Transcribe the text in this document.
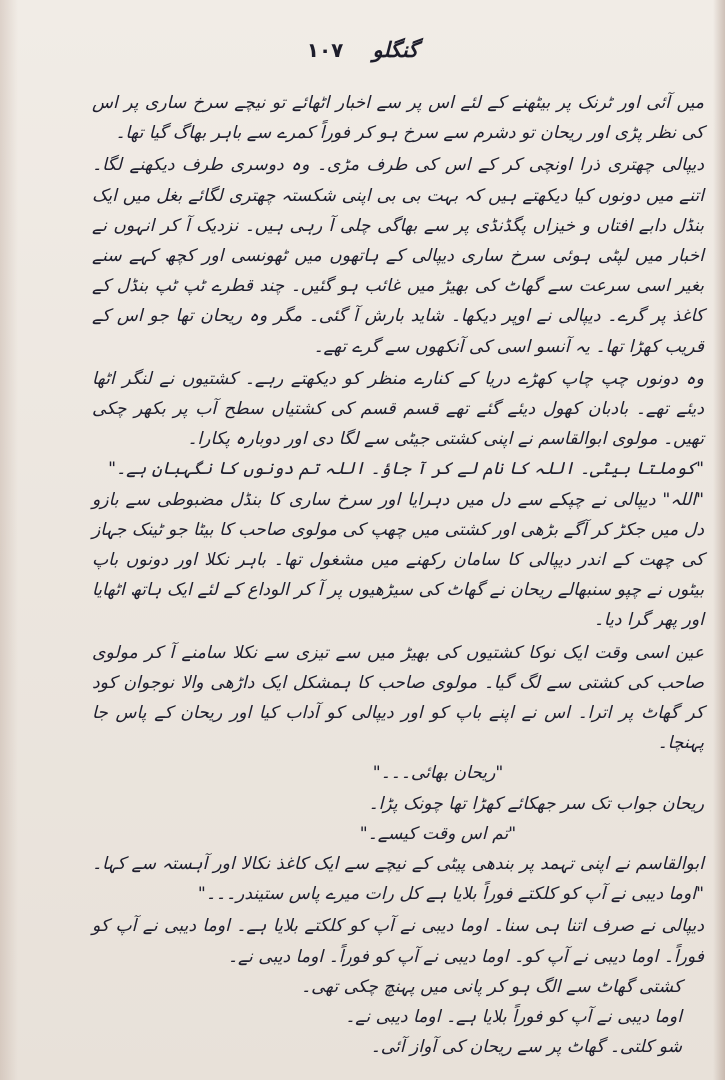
گنگلو ۱۰۷

میں آئی اور ٹرنک پر بیٹھنے کے لئے اس پر سے اخبار اٹھائے تو نیچے سرخ ساری پر اس کی نظر پڑی اور ریحان تو دشرم سے سرخ ہو کر فوراً کمرے سے باہر بھاگ گیا تھا۔

دیپالی چھتری ذرا اونچی کر کے اس کی طرف مڑی۔ وہ دوسری طرف دیکھنے لگا۔ اتنے میں دونوں کیا دیکھتے ہیں کہ بہت بی بی اپنی شکستہ چھتری لگائے بغل میں ایک بنڈل دابے افتاں و خیزاں پگڈنڈی پر سے بھاگی چلی آ رہی ہیں۔ نزدیک آ کر انہوں نے اخبار میں لپٹی ہوئی سرخ ساری دیپالی کے ہاتھوں میں ٹھونسی اور کچھ کہے سنے بغیر اسی سرعت سے گھاٹ کی بھیڑ میں غائب ہو گئیں۔ چند قطرے ٹپ ٹپ بنڈل کے کاغذ پر گرے۔ دیپالی نے اوپر دیکھا۔ شاید بارش آ گئی۔ مگر وہ ریحان تھا جو اس کے قریب کھڑا تھا۔ یہ آنسو اسی کی آنکھوں سے گرے تھے۔

وہ دونوں چپ چاپ کھڑے دریا کے کنارے منظر کو دیکھتے رہے۔ کشتیوں نے لنگر اٹھا دیئے تھے۔ بادبان کھول دیئے گئے تھے قسم قسم کی کشتیاں سطح آب پر بکھر چکی تھیں۔ مولوی ابوالقاسم نے اپنی کشتی جیٹی سے لگا دی اور دوبارہ پکارا۔

"کوملتا بیٹی۔ اللہ کا نام لے کر آ جاؤ۔ اللہ تم دونوں کا نگہبان ہے۔"

"اللہ" دیپالی نے چپکے سے دل میں دہرایا اور سرخ ساری کا بنڈل مضبوطی سے بازو دل میں جکڑ کر آگے بڑھی اور کشتی میں چھپ کی مولوی صاحب کا بیٹا جو ٹینک جہاز کی چھت کے اندر دیپالی کا سامان رکھنے میں مشغول تھا۔ باہر نکلا اور دونوں باپ بیٹوں نے چپو سنبھالے ریحان نے گھاٹ کی سیڑھیوں پر آ کر الوداع کے لئے ایک ہاتھ اٹھایا اور پھر گرا دیا۔

عین اسی وقت ایک نوکا کشتیوں کی بھیڑ میں سے تیزی سے نکلا سامنے آ کر مولوی صاحب کی کشتی سے لگ گیا۔ مولوی صاحب کا ہمشکل ایک داڑھی والا نوجوان کود کر گھاٹ پر اترا۔ اس نے اپنے باپ کو اور دیپالی کو آداب کیا اور ریحان کے پاس جا پہنچا۔

"ریحان بھائی۔۔۔"

ریحان جواب تک سر جھکائے کھڑا تھا چونک پڑا۔

"تم اس وقت کیسے۔"

ابوالقاسم نے اپنی تہمد پر بندھی پیٹی کے نیچے سے ایک کاغذ نکالا اور آہستہ سے کہا۔ "اوما دیبی نے آپ کو کلکتے فوراً بلایا ہے کل رات میرے پاس ستیندر۔۔۔"

دیپالی نے صرف اتنا ہی سنا۔ اوما دیبی نے آپ کو کلکتے بلایا ہے۔ اوما دیبی نے آپ کو فوراً۔ اوما دیبی نے آپ کو۔ اوما دیبی نے آپ کو فوراً۔ اوما دیبی نے۔

کشتی گھاٹ سے الگ ہو کر پانی میں پہنچ چکی تھی۔

اوما دیبی نے آپ کو فوراً بلایا ہے۔ اوما دیبی نے۔

شو کلتی۔ گھاٹ پر سے ریحان کی آواز آئی۔
